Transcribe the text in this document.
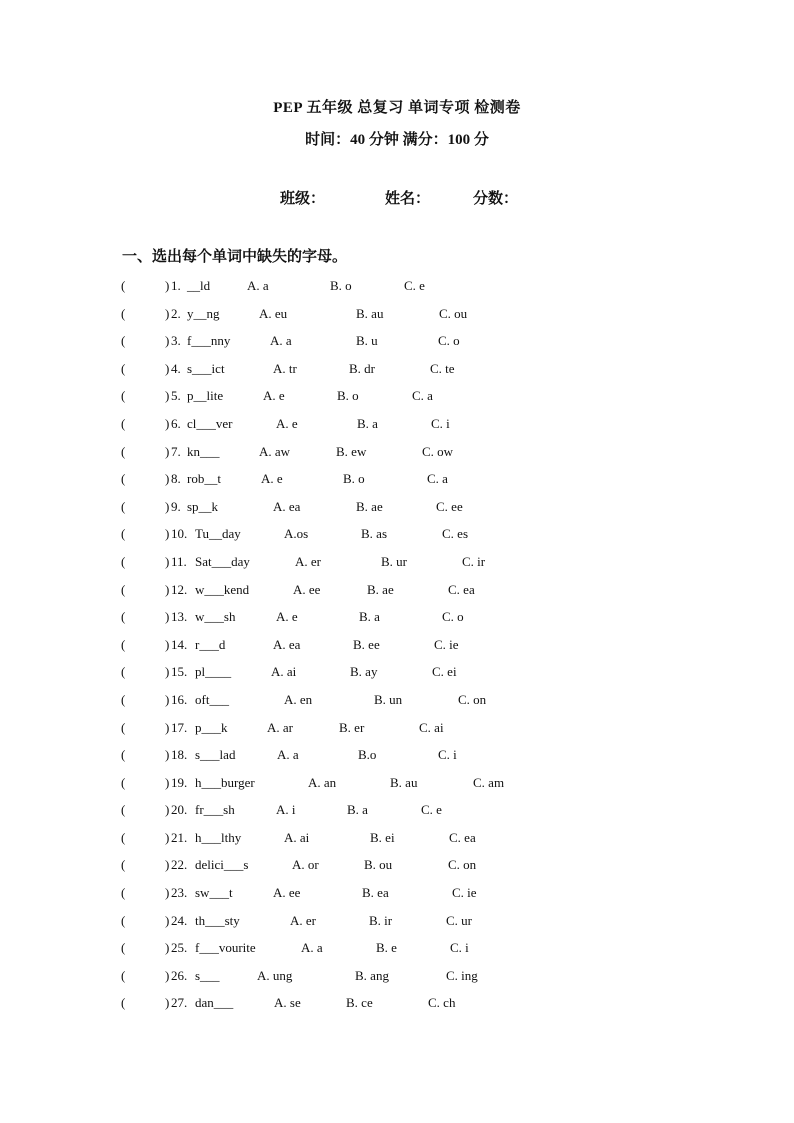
PEP 五年级 总复习 单词专项 检测卷
时间：40 分钟 满分：100 分
班级：	姓名：	分数：
一、选出每个单词中缺失的字母。
(	) 1. __ld	A. a	B. o	C. e
(	) 2. y__ng	A. eu	B. au	C. ou
(	) 3. f___nny	A. a	B. u	C. o
(	) 4. s___ict	A. tr	B. dr	C. te
(	) 5. p__lite	A. e	B. o	C. a
(	) 6. cl___ver	A. e	B. a	C. i
(	) 7. kn___	A. aw	B. ew	C. ow
(	) 8. rob__t	A. e	B. o	C. a
(	) 9. sp__k	A. ea	B. ae	C. ee
(	) 10. Tu__day	A.os	B. as	C. es
(	) 11. Sat___day	A. er	B. ur	C. ir
(	) 12. w___kend	A. ee	B. ae	C. ea
(	) 13. w___sh	A. e	B. a	C. o
(	) 14. r___d	A. ea	B. ee	C. ie
(	) 15. pl____	A. ai	B. ay	C. ei
(	) 16. oft___	A. en	B. un	C. on
(	) 17. p___k	A. ar	B. er	C. ai
(	) 18. s___lad	A. a	B.o	C. i
(	) 19. h___burger	A. an	B. au	C. am
(	) 20. fr___sh	A. i	B. a	C. e
(	) 21. h___lthy	A. ai	B. ei	C. ea
(	) 22. delici___s	A. or	B. ou	C. on
(	) 23. sw___t	A. ee	B. ea	C. ie
(	) 24. th___sty	A. er	B. ir	C. ur
(	) 25. f___vourite	A. a	B. e	C. i
(	) 26. s___	A. ung	B. ang	C. ing
(	) 27. dan___	A. se	B. ce	C. ch
